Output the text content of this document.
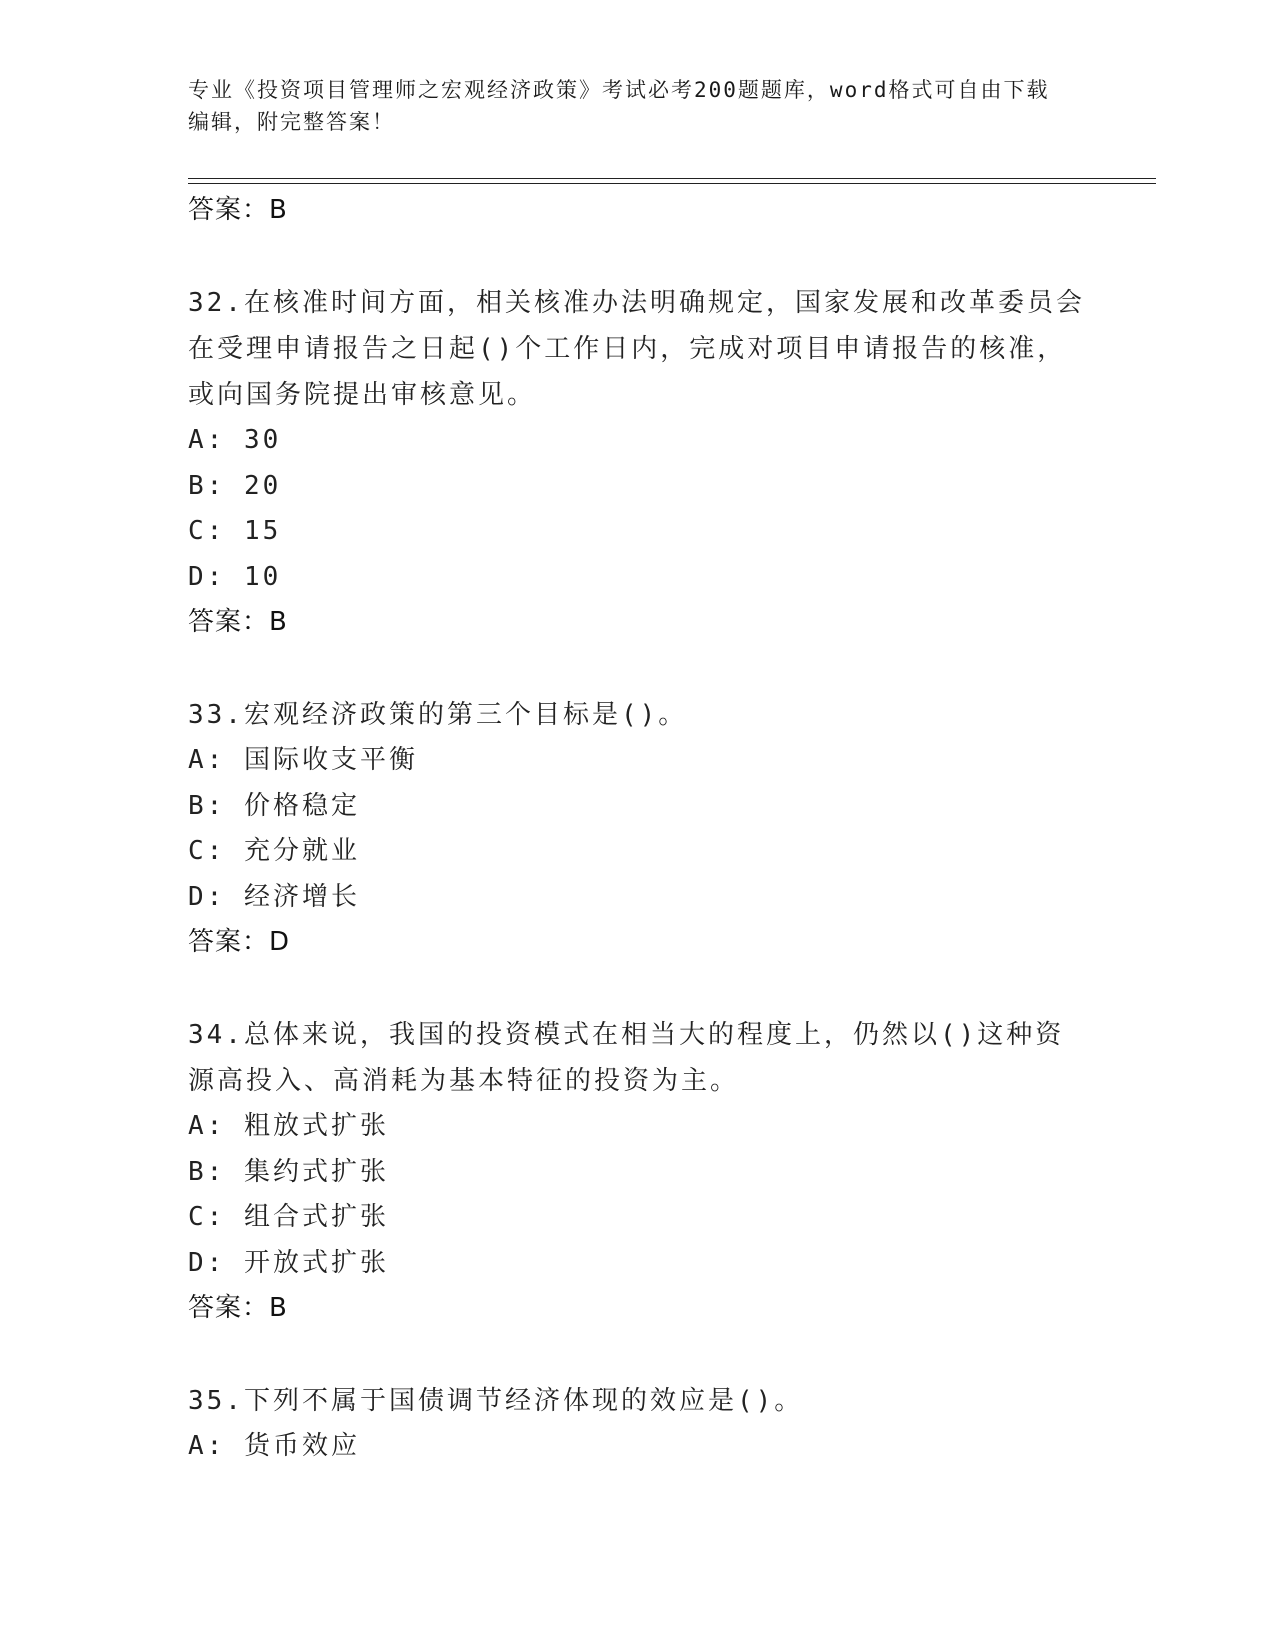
专业《投资项目管理师之宏观经济政策》考试必考200题题库，word格式可自由下载编辑，附完整答案！
答案：B
32.在核准时间方面，相关核准办法明确规定，国家发展和改革委员会在受理申请报告之日起()个工作日内，完成对项目申请报告的核准，或向国务院提出审核意见。
A: 30
B: 20
C: 15
D: 10
答案：B
33.宏观经济政策的第三个目标是()。
A: 国际收支平衡
B: 价格稳定
C: 充分就业
D: 经济增长
答案：D
34.总体来说，我国的投资模式在相当大的程度上，仍然以()这种资源高投入、高消耗为基本特征的投资为主。
A: 粗放式扩张
B: 集约式扩张
C: 组合式扩张
D: 开放式扩张
答案：B
35.下列不属于国债调节经济体现的效应是()。
A: 货币效应
